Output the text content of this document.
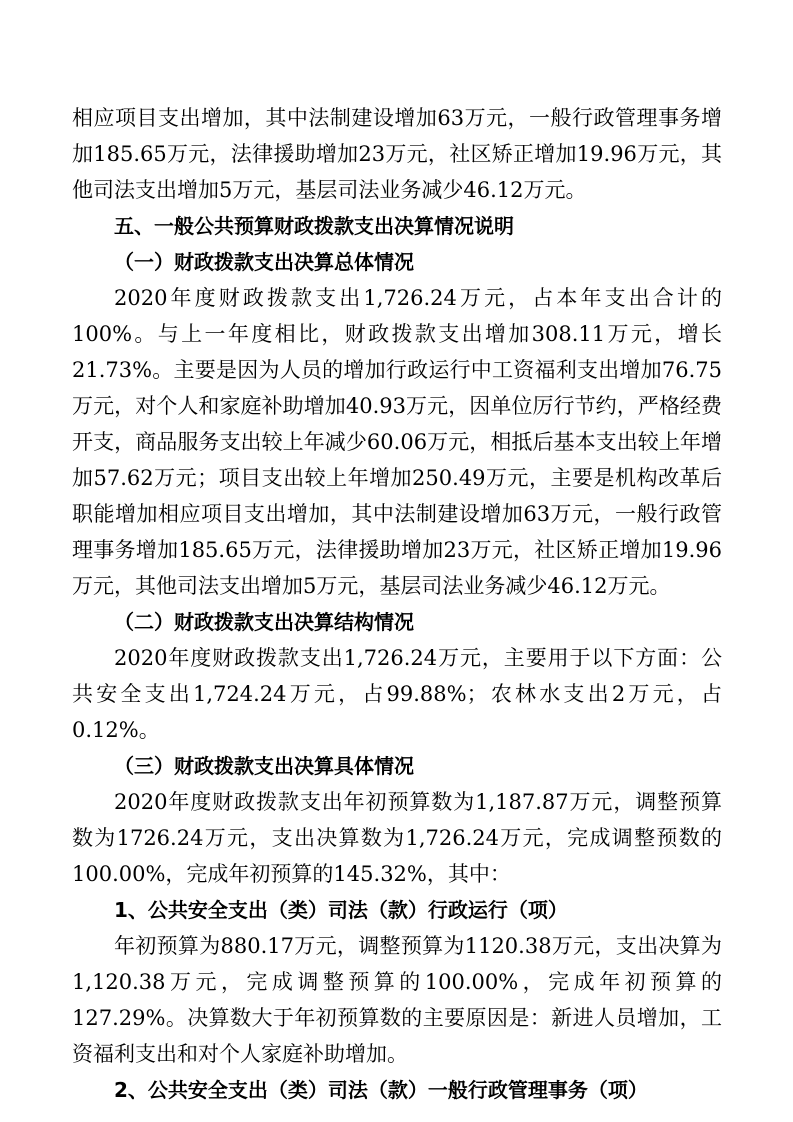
相应项目支出增加，其中法制建设增加63万元，一般行政管理事务增加185.65万元，法律援助增加23万元，社区矫正增加19.96万元，其他司法支出增加5万元，基层司法业务减少46.12万元。

五、一般公共预算财政拨款支出决算情况说明

（一）财政拨款支出决算总体情况

2020年度财政拨款支出1,726.24万元，占本年支出合计的100%。与上一年度相比，财政拨款支出增加308.11万元，增长21.73%。主要是因为人员的增加行政运行中工资福利支出增加76.75万元，对个人和家庭补助增加40.93万元，因单位厉行节约，严格经费开支，商品服务支出较上年减少60.06万元，相抵后基本支出较上年增加57.62万元；项目支出较上年增加250.49万元，主要是机构改革后职能增加相应项目支出增加，其中法制建设增加63万元，一般行政管理事务增加185.65万元，法律援助增加23万元，社区矫正增加19.96万元，其他司法支出增加5万元，基层司法业务减少46.12万元。

（二）财政拨款支出决算结构情况

2020年度财政拨款支出1,726.24万元，主要用于以下方面：公共安全支出1,724.24万元，占99.88%；农林水支出2万元，占0.12%。

（三）财政拨款支出决算具体情况

2020年度财政拨款支出年初预算数为1,187.87万元，调整预算数为1726.24万元，支出决算数为1,726.24万元，完成调整预数的100.00%，完成年初预算的145.32%，其中：

1、公共安全支出（类）司法（款）行政运行（项）

年初预算为880.17万元，调整预算为1120.38万元，支出决算为1,120.38万元，完成调整预算的100.00%，完成年初预算的127.29%。决算数大于年初预算数的主要原因是：新进人员增加，工资福利支出和对个人家庭补助增加。

2、公共安全支出（类）司法（款）一般行政管理事务（项）
